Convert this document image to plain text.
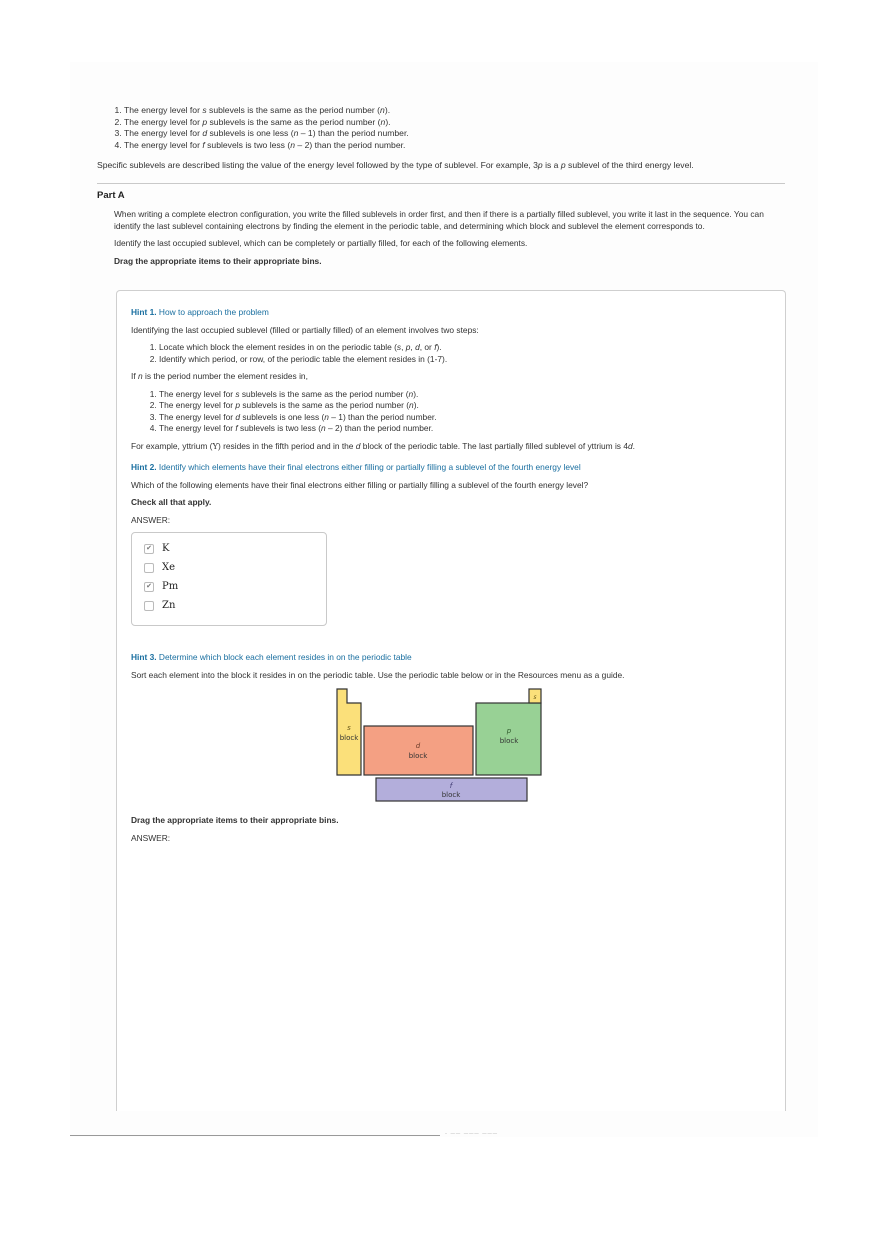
1. The energy level for s sublevels is the same as the period number (n).
2. The energy level for p sublevels is the same as the period number (n).
3. The energy level for d sublevels is one less (n – 1) than the period number.
4. The energy level for f sublevels is two less (n – 2) than the period number.
Specific sublevels are described listing the value of the energy level followed by the type of sublevel. For example, 3p is a p sublevel of the third energy level.
Part A

When writing a complete electron configuration, you write the filled sublevels in order first, and then if there is a partially filled sublevel, you write it last in the sequence. You can identify the last sublevel containing electrons by finding the element in the periodic table, and determining which block and sublevel the element corresponds to.

Identify the last occupied sublevel, which can be completely or partially filled, for each of the following elements.

Drag the appropriate items to their appropriate bins.

Hint 1. How to approach the problem

Identifying the last occupied sublevel (filled or partially filled) of an element involves two steps:

1. Locate which block the element resides in on the periodic table (s, p, d, or f).
2. Identify which period, or row, of the periodic table the element resides in (1-7).

If n is the period number the element resides in,

1. The energy level for s sublevels is the same as the period number (n).
2. The energy level for p sublevels is the same as the period number (n).
3. The energy level for d sublevels is one less (n – 1) than the period number.
4. The energy level for f sublevels is two less (n – 2) than the period number.

For example, yttrium (Y) resides in the fifth period and in the d block of the periodic table. The last partially filled sublevel of yttrium is 4d.

Hint 2. Identify which elements have their final electrons either filling or partially filling a sublevel of the fourth energy level

Which of the following elements have their final electrons either filling or partially filling a sublevel of the fourth energy level?

Check all that apply.

ANSWER:

✔ K
Xe
✔ Pm
Zn

Hint 3. Determine which block each element resides in on the periodic table

Sort each element into the block it resides in on the periodic table. Use the periodic table below or in the Resources menu as a guide.

s
block
d
block
p
block
s
f
block

Drag the appropriate items to their appropriate bins.

ANSWER:

- ── ─── ───
